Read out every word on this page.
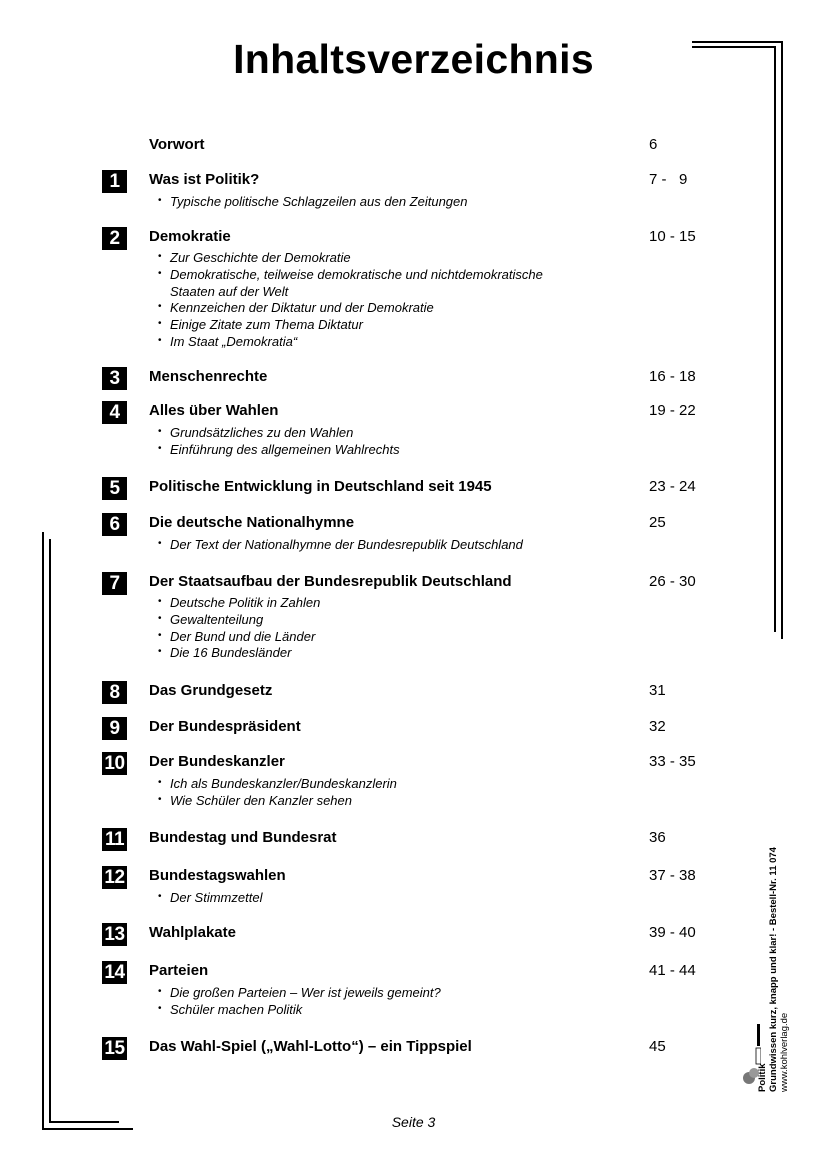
Inhaltsverzeichnis
Vorwort	6
1	Was ist Politik?	7 -   9
• Typische politische Schlagzeilen aus den Zeitungen
2	Demokratie	10 - 15
• Zur Geschichte der Demokratie
• Demokratische, teilweise demokratische und nichtdemokratische
Staaten auf der Welt
• Kennzeichen der Diktatur und der Demokratie
• Einige Zitate zum Thema Diktatur
• Im Staat „Demokratia“
3	Menschenrechte	16 - 18
4	Alles über Wahlen	19 - 22
• Grundsätzliches zu den Wahlen
• Einführung des allgemeinen Wahlrechts
5	Politische Entwicklung in Deutschland seit 1945	23 - 24
6	Die deutsche Nationalhymne	25
• Der Text der Nationalhymne der Bundesrepublik Deutschland
7	Der Staatsaufbau der Bundesrepublik Deutschland	26 - 30
• Deutsche Politik in Zahlen
• Gewaltenteilung
• Der Bund und die Länder
• Die 16 Bundesländer
8	Das Grundgesetz	31
9	Der Bundespräsident	32
10 Der Bundeskanzler	33 - 35
• Ich als Bundeskanzler/Bundeskanzlerin
• Wie Schüler den Kanzler sehen
11 Bundestag und Bundesrat	36
12 Bundestagswahlen	37 - 38
• Der Stimmzettel
13 Wahlplakate	39 - 40
14 Parteien	41 - 44
• Die großen Parteien – Wer ist jeweils gemeint?
• Schüler machen Politik
15 Das Wahl-Spiel („Wahl-Lotto“) – ein Tippspiel	45
Politik Grundwissen kurz, knapp und klar! - Bestell-Nr. 11 074 www.kohlverlag.de
Seite 3
